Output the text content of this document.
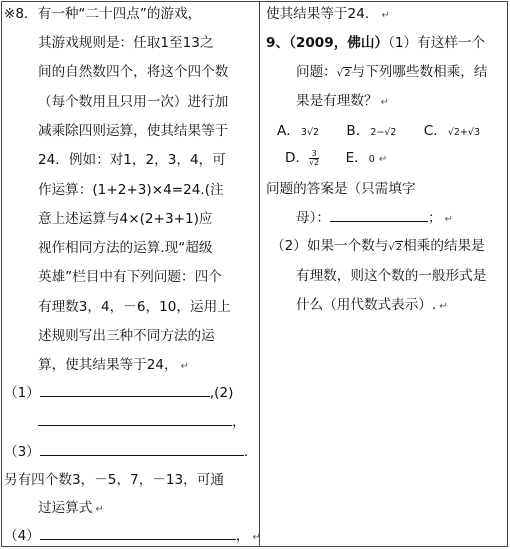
※8．有一种“二十四点”的游戏，
其游戏规则是：任取1至13之
间的自然数四个，将这个四个数
（每个数用且只用一次）进行加
减乘除四则运算，使其结果等于
24．例如：对1，2，3，4，可
作运算：(1+2+3)×4=24.(注
意上述运算与4×(2+3+1)应
视作相同方法的运算.现“超级
英雄”栏目中有下列问题：四个
有理数3，4，－6，10，运用上
述规则写出三种不同方法的运
算，使其结果等于24， ↵
（1）	,(2)
，
（3）	.
另有四个数3，－5，7，－13，可通
过运算式 ↵
（4）	， ↵
使其结果等于24． ↵
9、（2009，佛山）（1）有这样一个
问题：√2与下列哪些数相乘，结
果是有理数？ ↵
A．3√2 B．2−√2 C．√2+√3
D． $\frac{3}{√2}$ E．0 ↵
问题的答案是（只需填字
母）：	； ↵
（2）如果一个数与√2相乘的结果是
有理数，则这个数的一般形式是
什么（用代数式表示）. ↵
